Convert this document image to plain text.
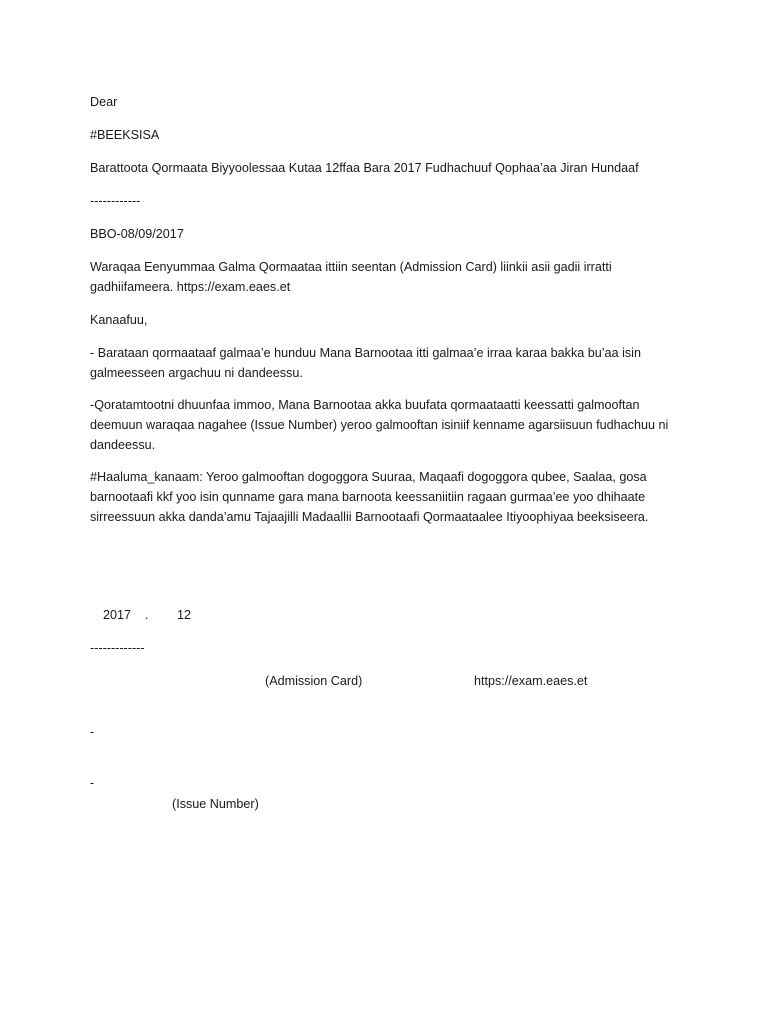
Dear

#BEEKSISA

Barattoota Qormaata Biyyoolessaa Kutaa 12ffaa Bara 2017 Fudhachuuf Qophaa’aa Jiran Hundaaf

------------

BBO-08/09/2017

Waraqaa Eenyummaa Galma Qormaataa ittiin seentan (Admission Card) liinkii asii gadii irratti gadhiifameera. https://exam.eaes.et

Kanaafuu,

- Barataan qormaataaf galmaa’e hunduu Mana Barnootaa itti galmaa’e irraa karaa bakka bu’aa isin galmeesseen argachuu ni dandeessu.

-Qoratamtootni dhuunfaa immoo, Mana Barnootaa akka buufata qormaataatti keessatti galmooftan deemuun waraqaa nagahee (Issue Number) yeroo galmooftan isiniif kenname agarsiisuun fudhachuu ni dandeessu.

#Haaluma_kanaam: Yeroo galmooftan dogoggora Suuraa, Maqaafi dogoggora qubee, Saalaa, gosa barnootaafi kkf yoo isin qunname gara mana barnoota keessaniitiin ragaan gurmaa’ee yoo dhihaate sirreessuun akka danda’amu Tajaajilli Madaallii Barnootaafi Qormaataalee Itiyoophiyaa beeksiseera.

2017 . 12

-------------

(Admission Card)	https://exam.eaes.et

-

-

(Issue Number)
